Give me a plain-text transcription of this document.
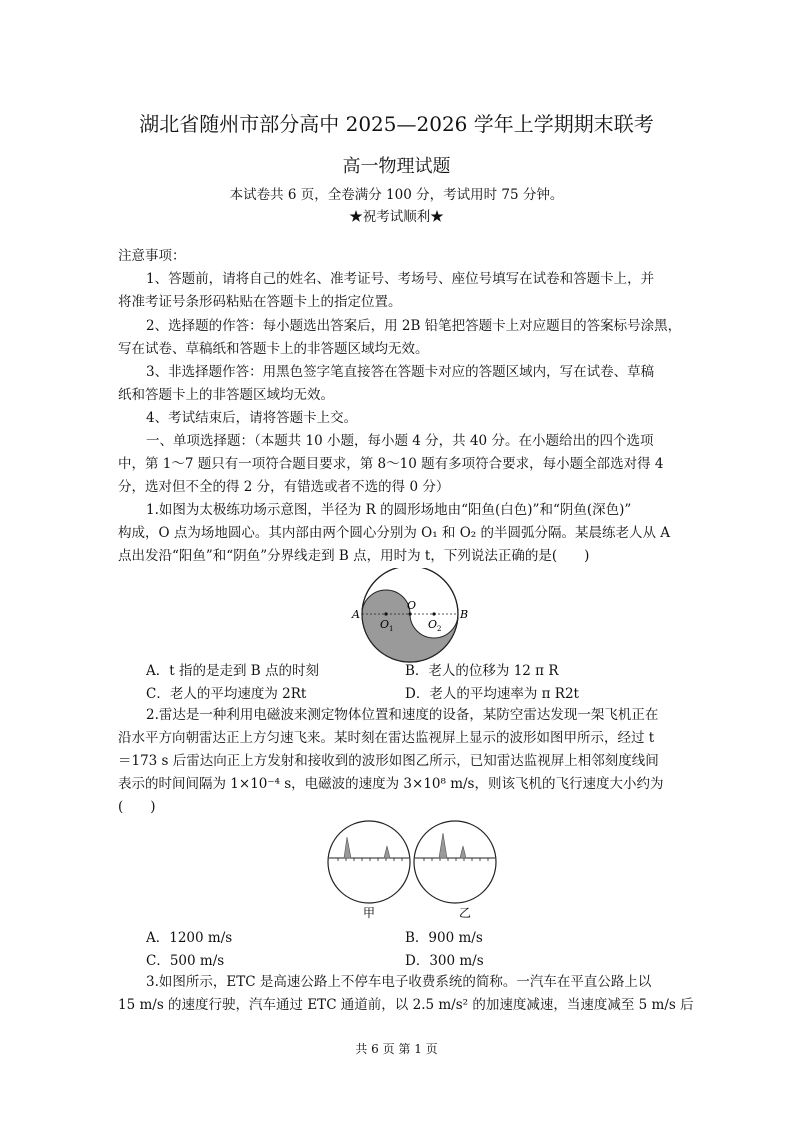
湖北省随州市部分高中 2025—2026 学年上学期期末联考
高一物理试题
本试卷共 6 页，全卷满分 100 分，考试用时 75 分钟。
★祝考试顺利★
注意事项：
1、答题前，请将自己的姓名、准考证号、考场号、座位号填写在试卷和答题卡上，并
将准考证号条形码粘贴在答题卡上的指定位置。
2、选择题的作答：每小题选出答案后，用 2B 铅笔把答题卡上对应题目的答案标号涂黑，
写在试卷、草稿纸和答题卡上的非答题区域均无效。
3、非选择题作答：用黑色签字笔直接答在答题卡对应的答题区域内，写在试卷、草稿
纸和答题卡上的非答题区域均无效。
4、考试结束后，请将答题卡上交。
一、单项选择题：（本题共 10 小题，每小题 4 分，共 40 分。在小题给出的四个选项
中，第 1～7 题只有一项符合题目要求，第 8～10 题有多项符合要求，每小题全部选对得 4
分，选对但不全的得 2 分，有错选或者不选的得 0 分）
1.如图为太极练功场示意图，半径为 R 的圆形场地由“阳鱼(白色)”和“阴鱼(深色)”
构成，O 点为场地圆心。其内部由两个圆心分别为 O₁ 和 O₂ 的半圆弧分隔。某晨练老人从 A
点出发沿“阳鱼”和“阴鱼”分界线走到 B 点，用时为 t，下列说法正确的是(　　)
A	B
O
O 1	O 2
A．t 指的是走到 B 点的时刻	B．老人的位移为 12 π R
C．老人的平均速度为 2Rt	D．老人的平均速率为 π R2t
2.雷达是一种利用电磁波来测定物体位置和速度的设备，某防空雷达发现一架飞机正在
沿水平方向朝雷达正上方匀速飞来。某时刻在雷达监视屏上显示的波形如图甲所示，经过 t
＝173 s 后雷达向正上方发射和接收到的波形如图乙所示，已知雷达监视屏上相邻刻度线间
表示的时间间隔为 1×10⁻⁴ s，电磁波的速度为 3×10⁸ m/s，则该飞机的飞行速度大小约为
(　　)
甲	乙
A．1200 m/s	B．900 m/s
C．500 m/s	D．300 m/s
3.如图所示，ETC 是高速公路上不停车电子收费系统的简称。一汽车在平直公路上以
15 m/s 的速度行驶，汽车通过 ETC 通道前，以 2.5 m/s² 的加速度减速，当速度减至 5 m/s 后
共 6 页 第 1 页
